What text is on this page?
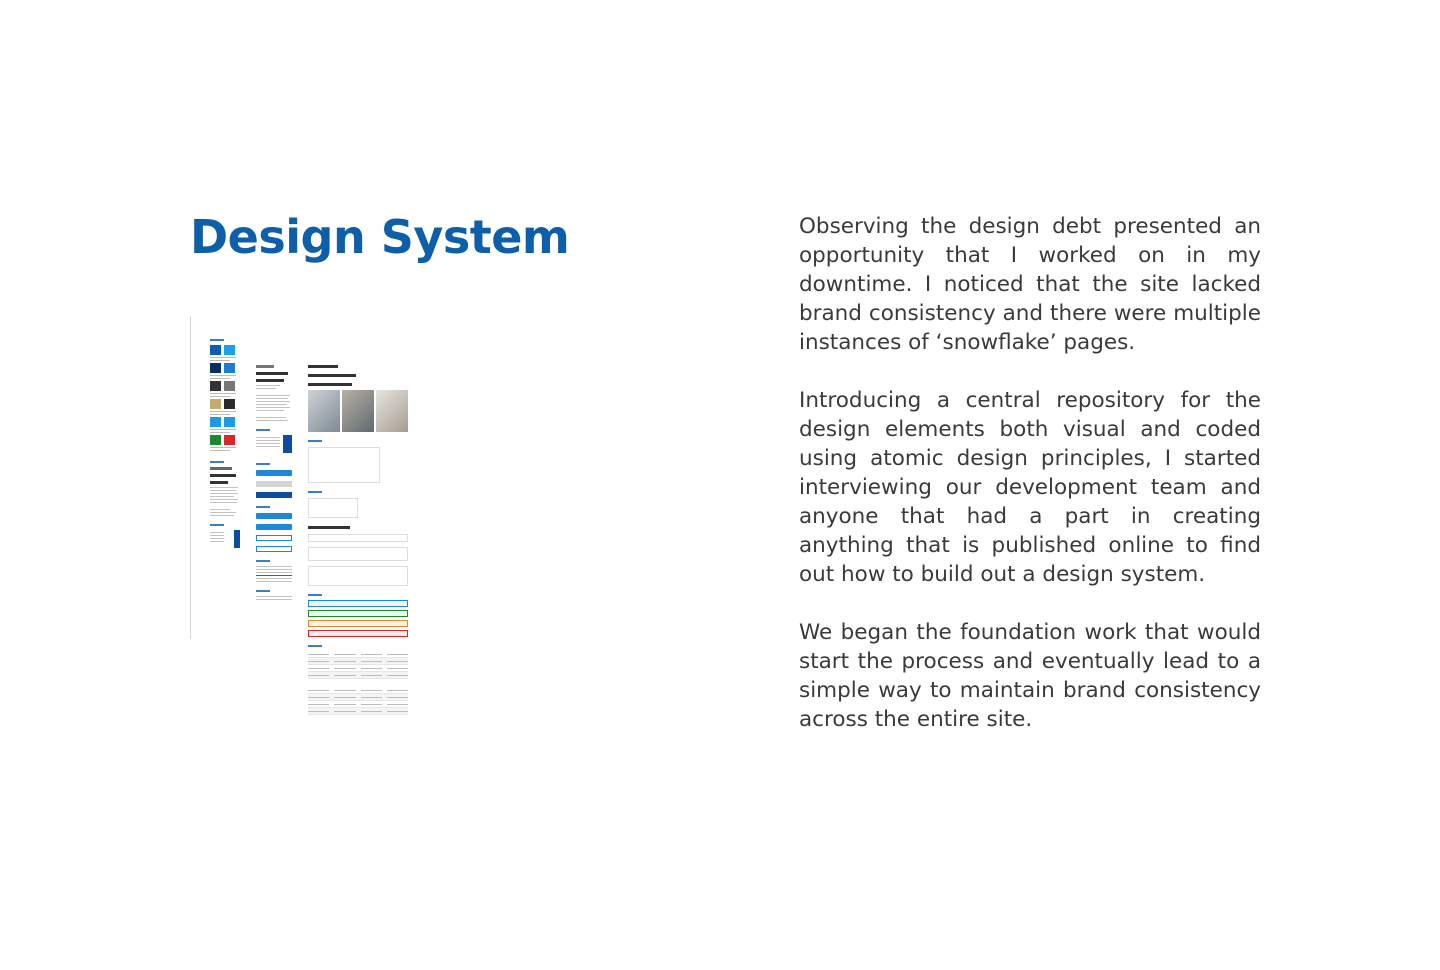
Design System	Observing the design debt presented an opportunity that I worked on in my downtime. I noticed that the site lacked brand consistency and there were multiple instances of ‘snowflake’ pages.

Introducing a central repository for the design elements both visual and coded using atomic design principles, I started interviewing our development team and anyone that had a part in creating anything that is published online to find out how to build out a design system.

We began the foundation work that would start the process and eventually lead to a simple way to maintain brand consistency across the entire site.
